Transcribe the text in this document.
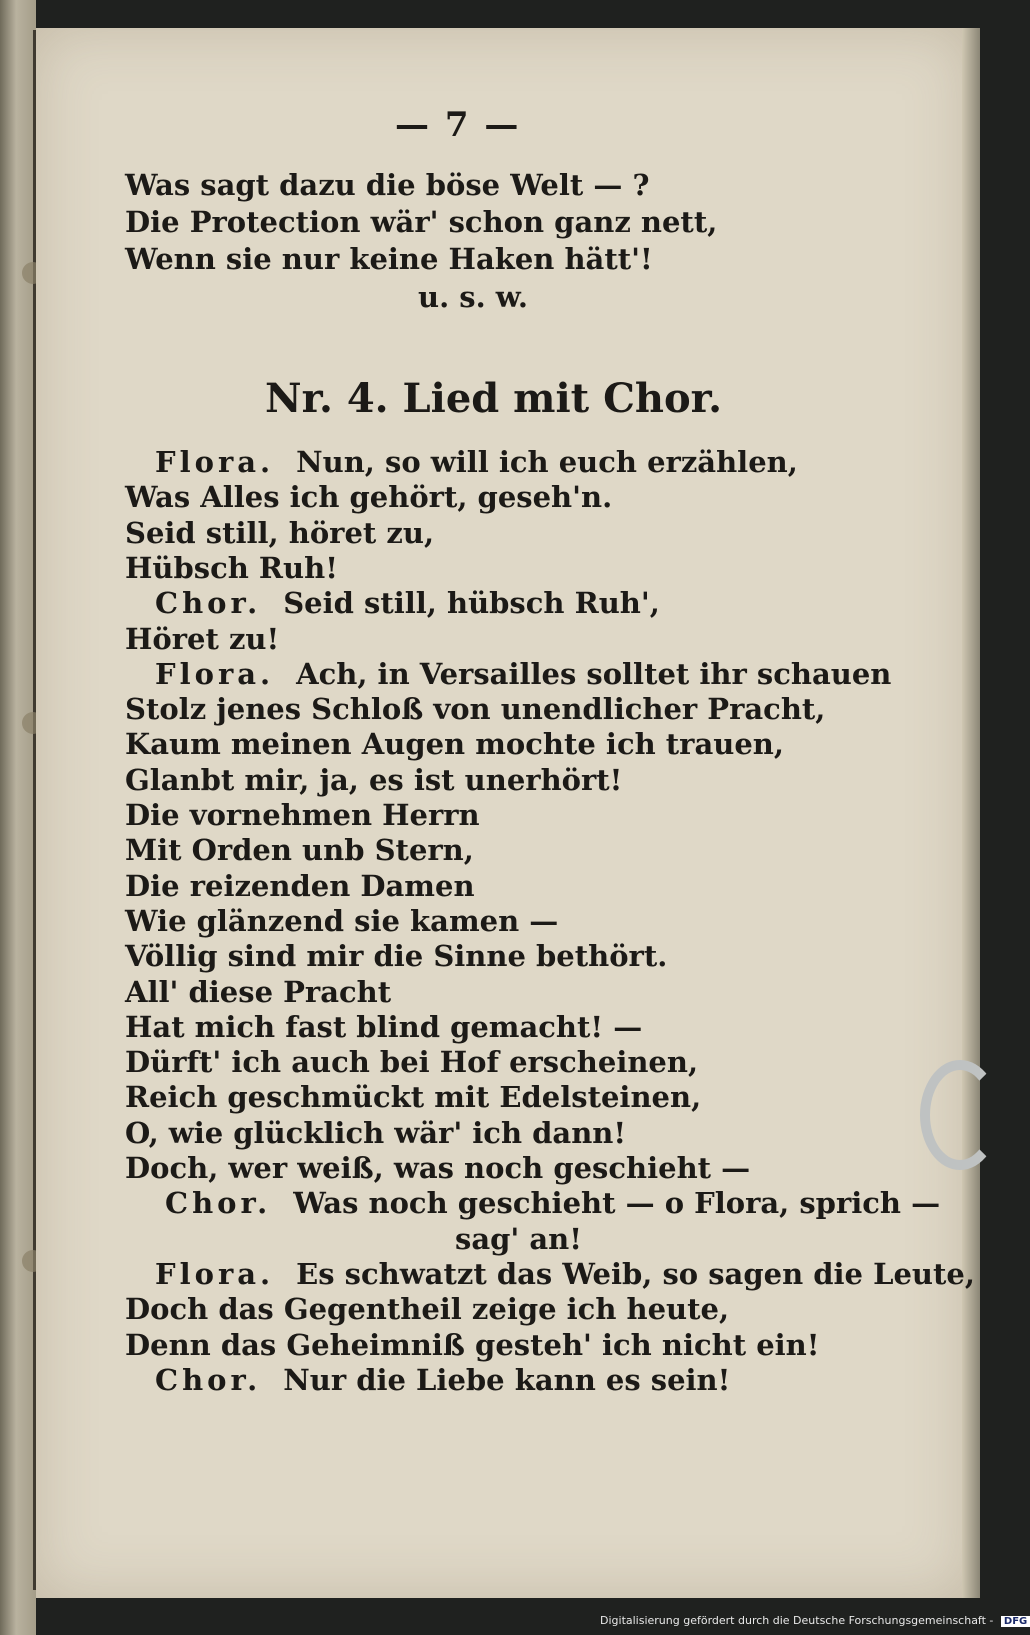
— 7 —
Was sagt dazu die böse Welt — ?
Die Protection wär' schon ganz nett,
Wenn sie nur keine Haken hätt'!
u. s. w.
Nr. 4. Lied mit Chor.
Flora. Nun, so will ich euch erzählen,
Was Alles ich gehört, geseh'n.
Seid still, höret zu,
Hübsch Ruh!
Chor. Seid still, hübsch Ruh',
Höret zu!
Flora. Ach, in Versailles solltet ihr schauen
Stolz jenes Schloß von unendlicher Pracht,
Kaum meinen Augen mochte ich trauen,
Glanbt mir, ja, es ist unerhört!
Die vornehmen Herrn
Mit Orden unb Stern,
Die reizenden Damen
Wie glänzend sie kamen —
Völlig sind mir die Sinne bethört.
All' diese Pracht
Hat mich fast blind gemacht! —
Dürft' ich auch bei Hof erscheinen,
Reich geschmückt mit Edelsteinen,
O, wie glücklich wär' ich dann!
Doch, wer weiß, was noch geschieht —
Chor. Was noch geschieht — o Flora, sprich —
sag' an!
Flora. Es schwatzt das Weib, so sagen die Leute,
Doch das Gegentheil zeige ich heute,
Denn das Geheimniß gesteh' ich nicht ein!
Chor. Nur die Liebe kann es sein!
Digitalisierung gefördert durch die Deutsche Forschungsgemeinschaft - DFG
